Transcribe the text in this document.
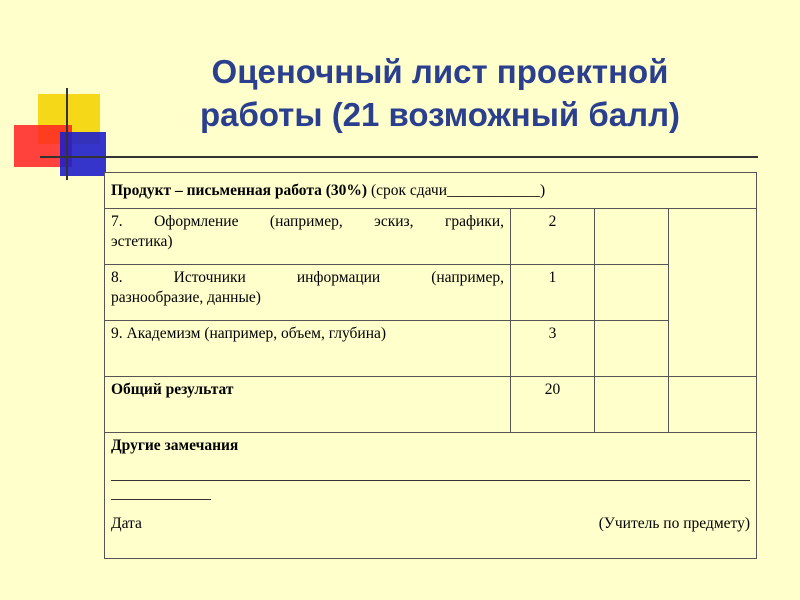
Оценочный лист проектной
работы (21 возможный балл)
Продукт – письменная работа (30%) (срок сдачи____________)			

7. Оформление (например, эскиз, графики,
эстетика)	2		

8. Источники информации (например,
разнообразие, данные)	1		

9. Академизм (например, объем, глубина)	3		
Общий результат	20		
Другие замечания
Дата (Учитель по предмету)			
